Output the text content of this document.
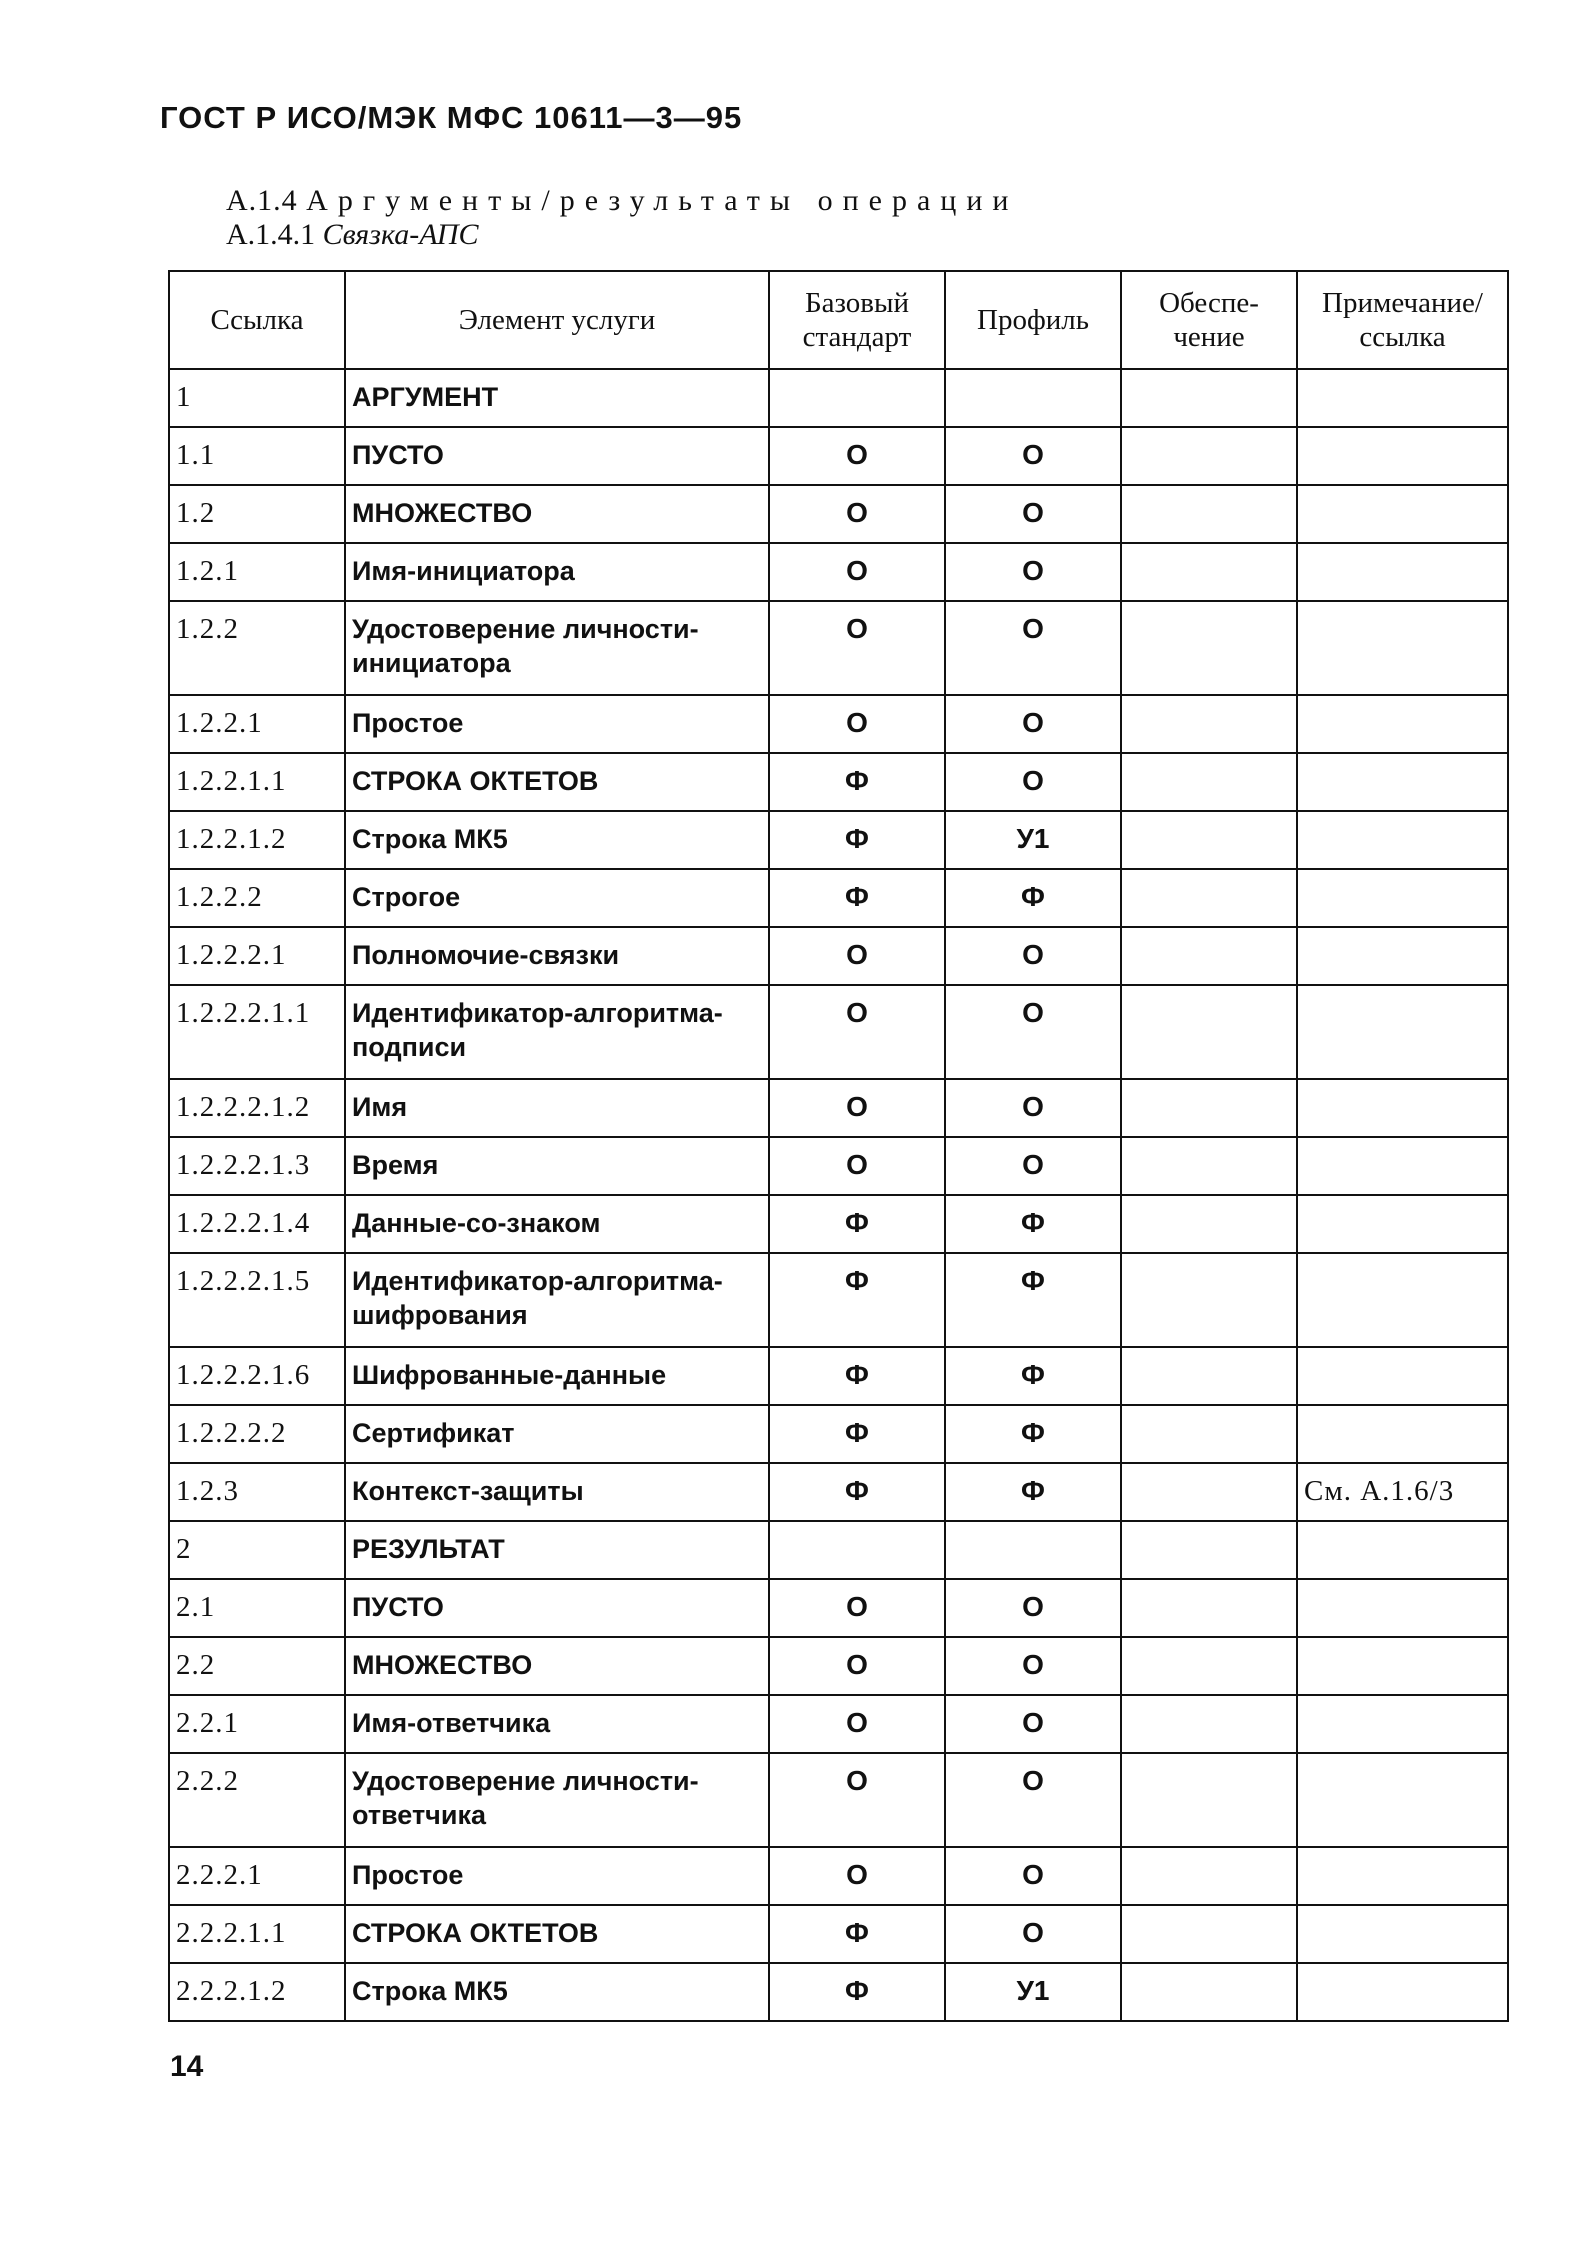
ГОСТ Р ИСО/МЭК МФС 10611—3—95
А.1.4 Аргументы/результаты операции
А.1.4.1 Связка-АПС
Ссылка	Элемент услуги	Базовый стандарт	Профиль	Обеспе-чение	Примечание/ссылка
1	АРГУМЕНТ				
1.1	ПУСТО	О	О		
1.2	МНОЖЕСТВО	О	О		
1.2.1	Имя-инициатора	О	О		
1.2.2	Удостоверение личности-инициатора	О	О		
1.2.2.1	Простое	О	О		
1.2.2.1.1	СТРОКА ОКТЕТОВ	Ф	О		
1.2.2.1.2	Строка МК5	Ф	У1		
1.2.2.2	Строгое	Ф	Ф		
1.2.2.2.1	Полномочие-связки	О	О		
1.2.2.2.1.1	Идентификатор-алгоритма-подписи	О	О		
1.2.2.2.1.2	Имя	О	О		
1.2.2.2.1.3	Время	О	О		
1.2.2.2.1.4	Данные-со-знаком	Ф	Ф		
1.2.2.2.1.5	Идентификатор-алгоритма-шифрования	Ф	Ф		
1.2.2.2.1.6	Шифрованные-данные	Ф	Ф		
1.2.2.2.2	Сертификат	Ф	Ф		
1.2.3	Контекст-защиты	Ф	Ф		См. А.1.6/3
2	РЕЗУЛЬТАТ				
2.1	ПУСТО	О	О		
2.2	МНОЖЕСТВО	О	О		
2.2.1	Имя-ответчика	О	О		
2.2.2	Удостоверение личности-ответчика	О	О		
2.2.2.1	Простое	О	О		
2.2.2.1.1	СТРОКА ОКТЕТОВ	Ф	О		
2.2.2.1.2	Строка МК5	Ф	У1		
14
